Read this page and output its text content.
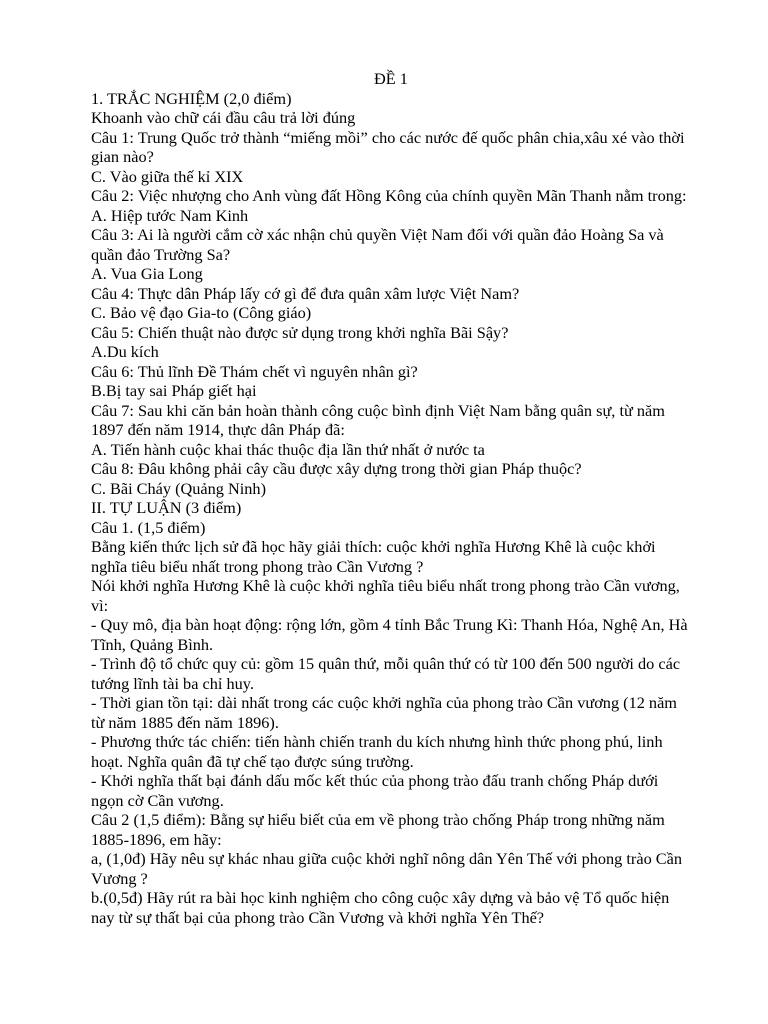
ĐỀ 1

1. TRẮC NGHIỆM (2,0 điểm)

Khoanh vào chữ cái đầu câu trả lời đúng

Câu 1: Trung Quốc trở thành “miếng mồi” cho các nước đế quốc phân chia,xâu xé vào thời gian nào?

C. Vào giữa thế kỉ XIX

Câu 2: Việc nhượng cho Anh vùng đất Hồng Kông của chính quyền Mãn Thanh nằm trong:

A. Hiệp tước Nam Kinh

Câu 3: Ai là người cắm cờ xác nhận chủ quyền Việt Nam đối với quần đảo Hoàng Sa và quần đảo Trường Sa?

A. Vua Gia Long

Câu 4: Thực dân Pháp lấy cớ gì để đưa quân xâm lược Việt Nam?

C. Bảo vệ đạo Gia-to (Công giáo)

Câu 5: Chiến thuật nào được sử dụng trong khởi nghĩa Bãi Sậy?

A.Du kích

Câu 6: Thủ lĩnh Đề Thám chết vì nguyên nhân gì?

B.Bị tay sai Pháp giết hại

Câu 7: Sau khi căn bản hoàn thành công cuộc bình định Việt Nam bằng quân sự, từ năm 1897 đến năm 1914, thực dân Pháp đã:

A. Tiến hành cuộc khai thác thuộc địa lần thứ nhất ở nước ta

Câu 8: Đâu không phải cây cầu được xây dựng trong thời gian Pháp thuộc?

C. Bãi Cháy (Quảng Ninh)

II. TỰ LUẬN (3 điểm)

Câu 1. (1,5 điểm)

Bằng kiến thức lịch sử đã học hãy giải thích: cuộc khởi nghĩa Hương Khê là cuộc khởi nghĩa tiêu biểu nhất trong phong trào Cần Vương ?

Nói khởi nghĩa Hương Khê là cuộc khởi nghĩa tiêu biểu nhất trong phong trào Cần vương, vì:

- Quy mô, địa bàn hoạt động: rộng lớn, gồm 4 tỉnh Bắc Trung Kì: Thanh Hóa, Nghệ An, Hà Tĩnh, Quảng Bình.

- Trình độ tổ chức quy củ: gồm 15 quân thứ, mỗi quân thứ có từ 100 đến 500 người do các tướng lĩnh tài ba chỉ huy.

- Thời gian tồn tại: dài nhất trong các cuộc khởi nghĩa của phong trào Cần vương (12 năm từ năm 1885 đến năm 1896).

- Phương thức tác chiến: tiến hành chiến tranh du kích nhưng hình thức phong phú, linh hoạt. Nghĩa quân đã tự chế tạo được súng trường.

- Khởi nghĩa thất bại đánh dấu mốc kết thúc của phong trào đấu tranh chống Pháp dưới ngọn cờ Cần vương.

Câu 2 (1,5 điểm): Bằng sự hiểu biết của em về phong trào chống Pháp trong những năm 1885-1896, em hãy:

a, (1,0đ) Hãy nêu sự khác nhau giữa cuộc khởi nghĩ nông dân Yên Thế với phong trào Cần Vương ?

b.(0,5đ) Hãy rút ra bài học kinh nghiệm cho công cuộc xây dựng và bảo vệ Tổ quốc hiện nay từ sự thất bại của phong trào Cần Vương và khởi nghĩa Yên Thế?
